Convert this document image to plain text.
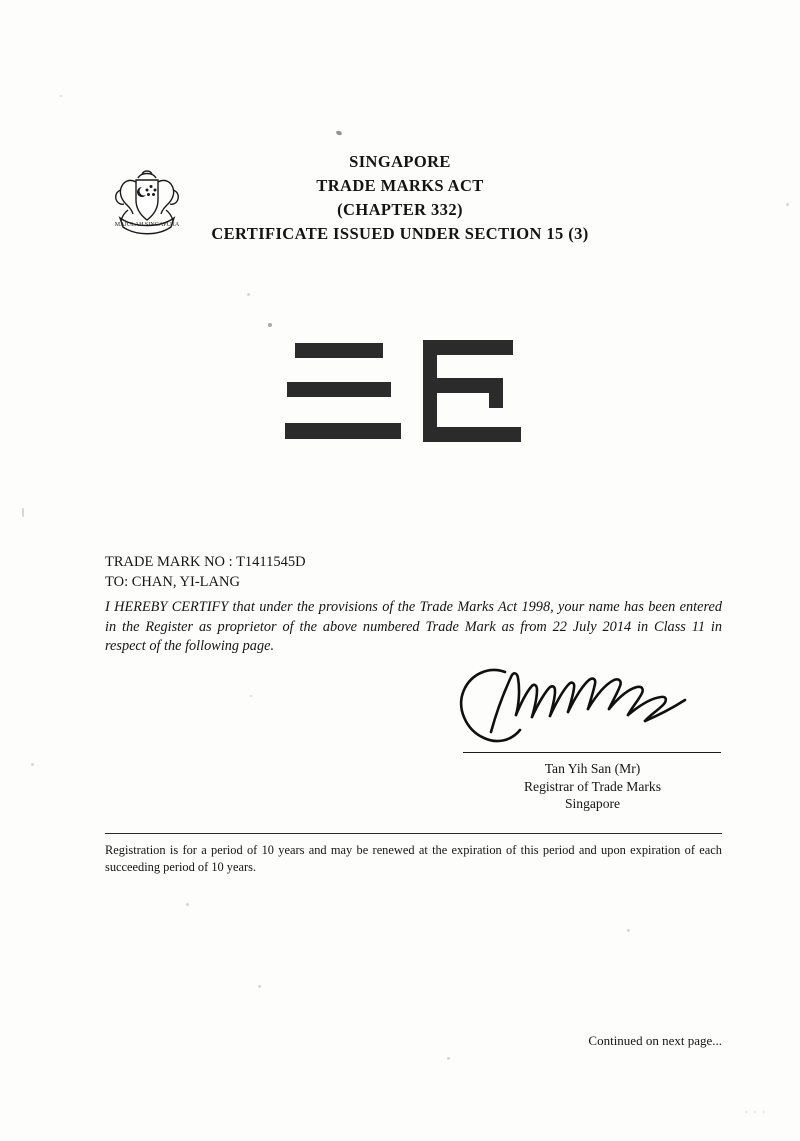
MAJULAH SINGAPURA
SINGAPORE
TRADE MARKS ACT
(CHAPTER 332)
CERTIFICATE ISSUED UNDER SECTION 15 (3)
TRADE MARK NO : T1411545D
TO: CHAN, YI-LANG
I HEREBY CERTIFY that under the provisions of the Trade Marks Act 1998, your name has been entered in the Register as proprietor of the above numbered Trade Mark as from 22 July 2014 in Class 11 in respect of the following page.
Tan Yih San (Mr)
Registrar of Trade Marks
Singapore
Registration is for a period of 10 years and may be renewed at the expiration of this period and upon expiration of each succeeding period of 10 years.
Continued on next page...
· · ·
